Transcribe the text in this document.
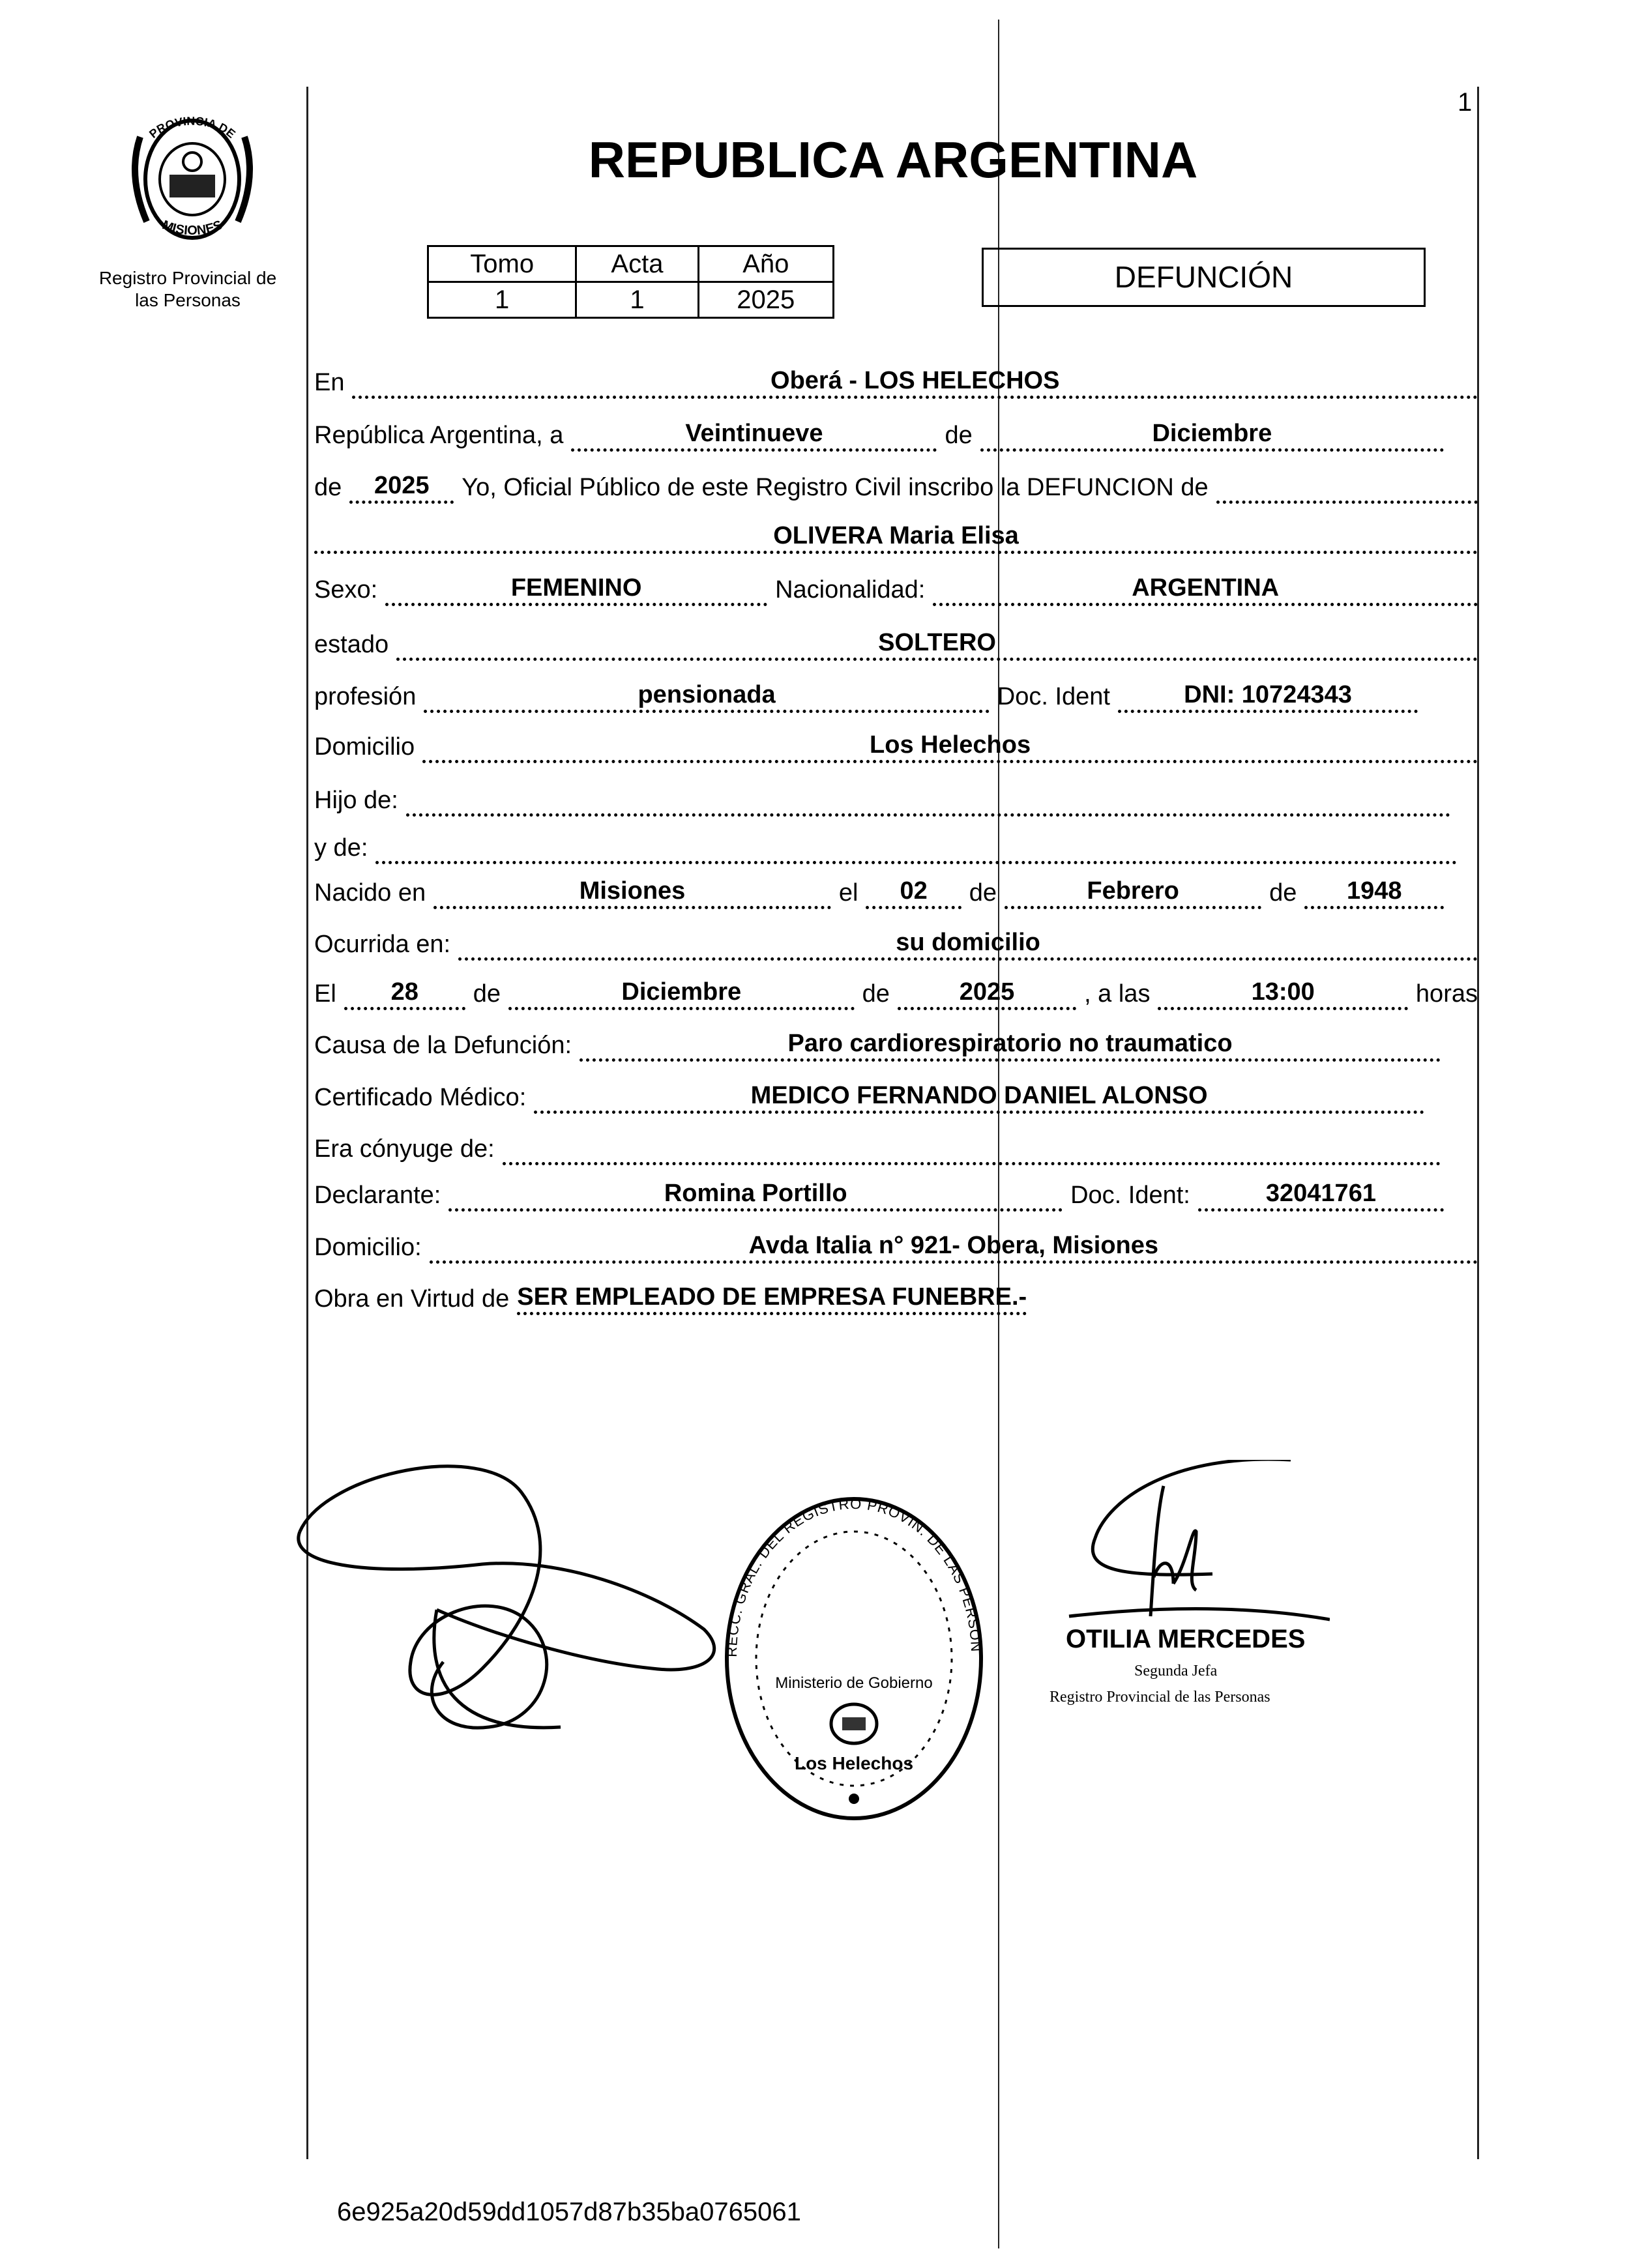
PROVINCIA DE
MISIONES
Registro Provincial de
las Personas
1
REPUBLICA ARGENTINA
Tomo	Acta	Año
1	1	2025
DEFUNCIÓN
En	Oberá - LOS HELECHOS
República Argentina, a	Veintinueve	de	Diciembre
de	2025	Yo, Oficial Público de este Registro Civil inscribo la DEFUNCION de
OLIVERA Maria Elisa
Sexo:	FEMENINO	Nacionalidad:	ARGENTINA
estado	SOLTERO
profesión	pensionada	Doc. Ident	DNI: 10724343
Domicilio	Los Helechos
Hijo de:
y de:
Nacido en	Misiones	el	02	de	Febrero	de	1948
Ocurrida en:	su domicilio
El	28	de	Diciembre	de	2025	, a las	13:00	horas
Causa de la Defunción:	Paro cardiorespiratorio no traumatico
Certificado Médico:	MEDICO FERNANDO DANIEL ALONSO
Era cónyuge de:
Declarante:	Romina Portillo	Doc. Ident:	32041761
Domicilio:	Avda Italia n° 921- Obera, Misiones
Obra en Virtud de SER EMPLEADO DE EMPRESA FUNEBRE.-
RECC. GRAL. DEL REGISTRO PROVIN. DE LAS PERSON
Ministerio de Gobierno
Los Helechos
OTILIA MERCEDES
Segunda Jefa
Registro Provincial de las Personas
6e925a20d59dd1057d87b35ba0765061
